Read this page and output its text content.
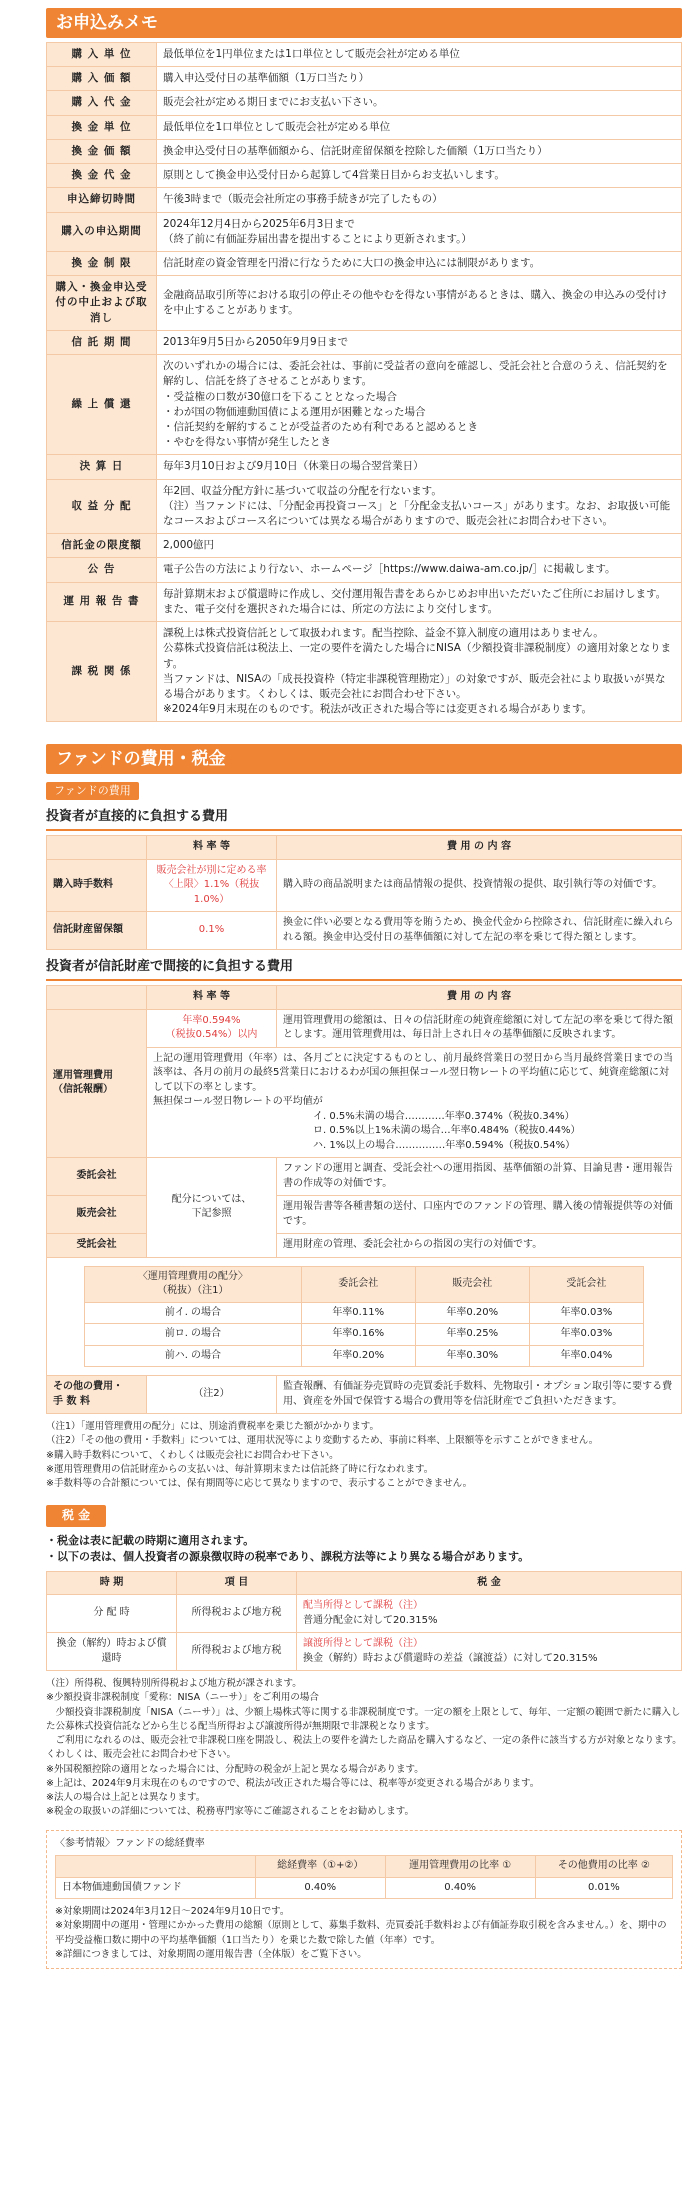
お申込みメモ
購 入 単 位	最低単位を1円単位または1口単位として販売会社が定める単位
購 入 価 額	購入申込受付日の基準価額（1万口当たり）
購 入 代 金	販売会社が定める期日までにお支払い下さい。
換 金 単 位	最低単位を1口単位として販売会社が定める単位
換 金 価 額	換金申込受付日の基準価額から、信託財産留保額を控除した価額（1万口当たり）
換 金 代 金	原則として換金申込受付日から起算して4営業日目からお支払いします。
申込締切時間	午後3時まで（販売会社所定の事務手続きが完了したもの）
購入の申込期間	2024年12月4日から2025年6月3日まで
（終了前に有価証券届出書を提出することにより更新されます。）
換 金 制 限	信託財産の資金管理を円滑に行なうために大口の換金申込には制限があります。
購入・換金申込受付の中止および取消し	金融商品取引所等における取引の停止その他やむを得ない事情があるときは、購入、換金の申込みの受付けを中止することがあります。
信 託 期 間	2013年9月5日から2050年9月9日まで
繰 上 償 還	次のいずれかの場合には、委託会社は、事前に受益者の意向を確認し、受託会社と合意のうえ、信託契約を解約し、信託を終了させることがあります。
・受益権の口数が30億口を下ることとなった場合
・わが国の物価連動国債による運用が困難となった場合
・信託契約を解約することが受益者のため有利であると認めるとき
・やむを得ない事情が発生したとき
決 算 日	毎年3月10日および9月10日（休業日の場合翌営業日）
収 益 分 配	年2回、収益分配方針に基づいて収益の分配を行ないます。
（注）当ファンドには、「分配金再投資コース」と「分配金支払いコース」があります。なお、お取扱い可能なコースおよびコース名については異なる場合がありますので、販売会社にお問合わせ下さい。
信託金の限度額	2,000億円
公 告	電子公告の方法により行ない、ホームページ［https://www.daiwa-am.co.jp/］に掲載します。
運 用 報 告 書	毎計算期末および償還時に作成し、交付運用報告書をあらかじめお申出いただいたご住所にお届けします。また、電子交付を選択された場合には、所定の方法により交付します。
課 税 関 係	課税上は株式投資信託として取扱われます。配当控除、益金不算入制度の適用はありません。
公募株式投資信託は税法上、一定の要件を満たした場合にNISA（少額投資非課税制度）の適用対象となります。
当ファンドは、NISAの「成長投資枠（特定非課税管理勘定）」の対象ですが、販売会社により取扱いが異なる場合があります。くわしくは、販売会社にお問合わせ下さい。
※2024年9月末現在のものです。税法が改正された場合等には変更される場合があります。
ファンドの費用・税金
ファンドの費用
投資者が直接的に負担する費用
	料 率 等	費 用 の 内 容
購入時手数料	販売会社が別に定める率
〈上限〉1.1%（税抜1.0%）	購入時の商品説明または商品情報の提供、投資情報の提供、取引執行等の対価です。
信託財産留保額	0.1%	換金に伴い必要となる費用等を賄うため、換金代金から控除され、信託財産に繰入れられる額。換金申込受付日の基準価額に対して左記の率を乗じて得た額とします。
投資者が信託財産で間接的に負担する費用
	料 率 等	費 用 の 内 容
運用管理費用
（信託報酬）	年率0.594%
（税抜0.54%）以内	運用管理費用の総額は、日々の信託財産の純資産総額に対して左記の率を乗じて得た額とします。運用管理費用は、毎日計上され日々の基準価額に反映されます。

上記の運用管理費用（年率）は、各月ごとに決定するものとし、前月最終営業日の翌日から当月最終営業日までの当該率は、各月の前月の最終5営業日におけるわが国の無担保コール翌日物レートの平均値に応じて、純資産総額に対して以下の率とします。
無担保コール翌日物レートの平均値が
イ. 0.5%未満の場合…………年率0.374%（税抜0.34%）
ロ. 0.5%以上1%未満の場合…年率0.484%（税抜0.44%）
ハ. 1%以上の場合……………年率0.594%（税抜0.54%）

委託会社	配分については、
下記参照	ファンドの運用と調査、受託会社への運用指図、基準価額の計算、目論見書・運用報告書の作成等の対価です。
販売会社	運用報告書等各種書類の送付、口座内でのファンドの管理、購入後の情報提供等の対価です。
受託会社	運用財産の管理、委託会社からの指図の実行の対価です。

〈運用管理費用の配分〉
（税抜）（注1）	委託会社	販売会社	受託会社
前イ. の場合	年率0.11%	年率0.20%	年率0.03%
前ロ. の場合	年率0.16%	年率0.25%	年率0.03%
前ハ. の場合	年率0.20%	年率0.30%	年率0.04%

その他の費用・
手 数 料	（注2）	監査報酬、有価証券売買時の売買委託手数料、先物取引・オプション取引等に要する費用、資産を外国で保管する場合の費用等を信託財産でご負担いただきます。

（注1）「運用管理費用の配分」には、別途消費税率を乗じた額がかかります。

（注2）「その他の費用・手数料」については、運用状況等により変動するため、事前に料率、上限額等を示すことができません。

※購入時手数料について、くわしくは販売会社にお問合わせ下さい。

※運用管理費用の信託財産からの支払いは、毎計算期末または信託終了時に行なわれます。

※手数料等の合計額については、保有期間等に応じて異なりますので、表示することができません。

税 金
・税金は表に記載の時期に適用されます。
・以下の表は、個人投資者の源泉徴収時の税率であり、課税方法等により異なる場合があります。
時 期	項 目	税 金
分 配 時	所得税および地方税	配当所得として課税（注）
普通分配金に対して20.315%

換金（解約）時および償還時	所得税および地方税	譲渡所得として課税（注）
換金（解約）時および償還時の差益（譲渡益）に対して20.315%

（注）所得税、復興特別所得税および地方税が課されます。

※少額投資非課税制度「愛称：NISA（ニーサ）」をご利用の場合

　少額投資非課税制度「NISA（ニーサ）」は、少額上場株式等に関する非課税制度です。一定の額を上限として、毎年、一定額の範囲で新たに購入した公募株式投資信託などから生じる配当所得および譲渡所得が無期限で非課税となります。

　ご利用になれるのは、販売会社で非課税口座を開設し、税法上の要件を満たした商品を購入するなど、一定の条件に該当する方が対象となります。くわしくは、販売会社にお問合わせ下さい。

※外国税額控除の適用となった場合には、分配時の税金が上記と異なる場合があります。

※上記は、2024年9月末現在のものですので、税法が改正された場合等には、税率等が変更される場合があります。

※法人の場合は上記とは異なります。

※税金の取扱いの詳細については、税務専門家等にご確認されることをお勧めします。

〈参考情報〉ファンドの総経費率
	総経費率（①+②）	運用管理費用の比率 ①	その他費用の比率 ②
日本物価連動国債ファンド	0.40%	0.40%	0.01%

※対象期間は2024年3月12日〜2024年9月10日です。

※対象期間中の運用・管理にかかった費用の総額（原則として、募集手数料、売買委託手数料および有価証券取引税を含みません。）を、期中の平均受益権口数に期中の平均基準価額（1口当たり）を乗じた数で除した値（年率）です。

※詳細につきましては、対象期間の運用報告書（全体版）をご覧下さい。
